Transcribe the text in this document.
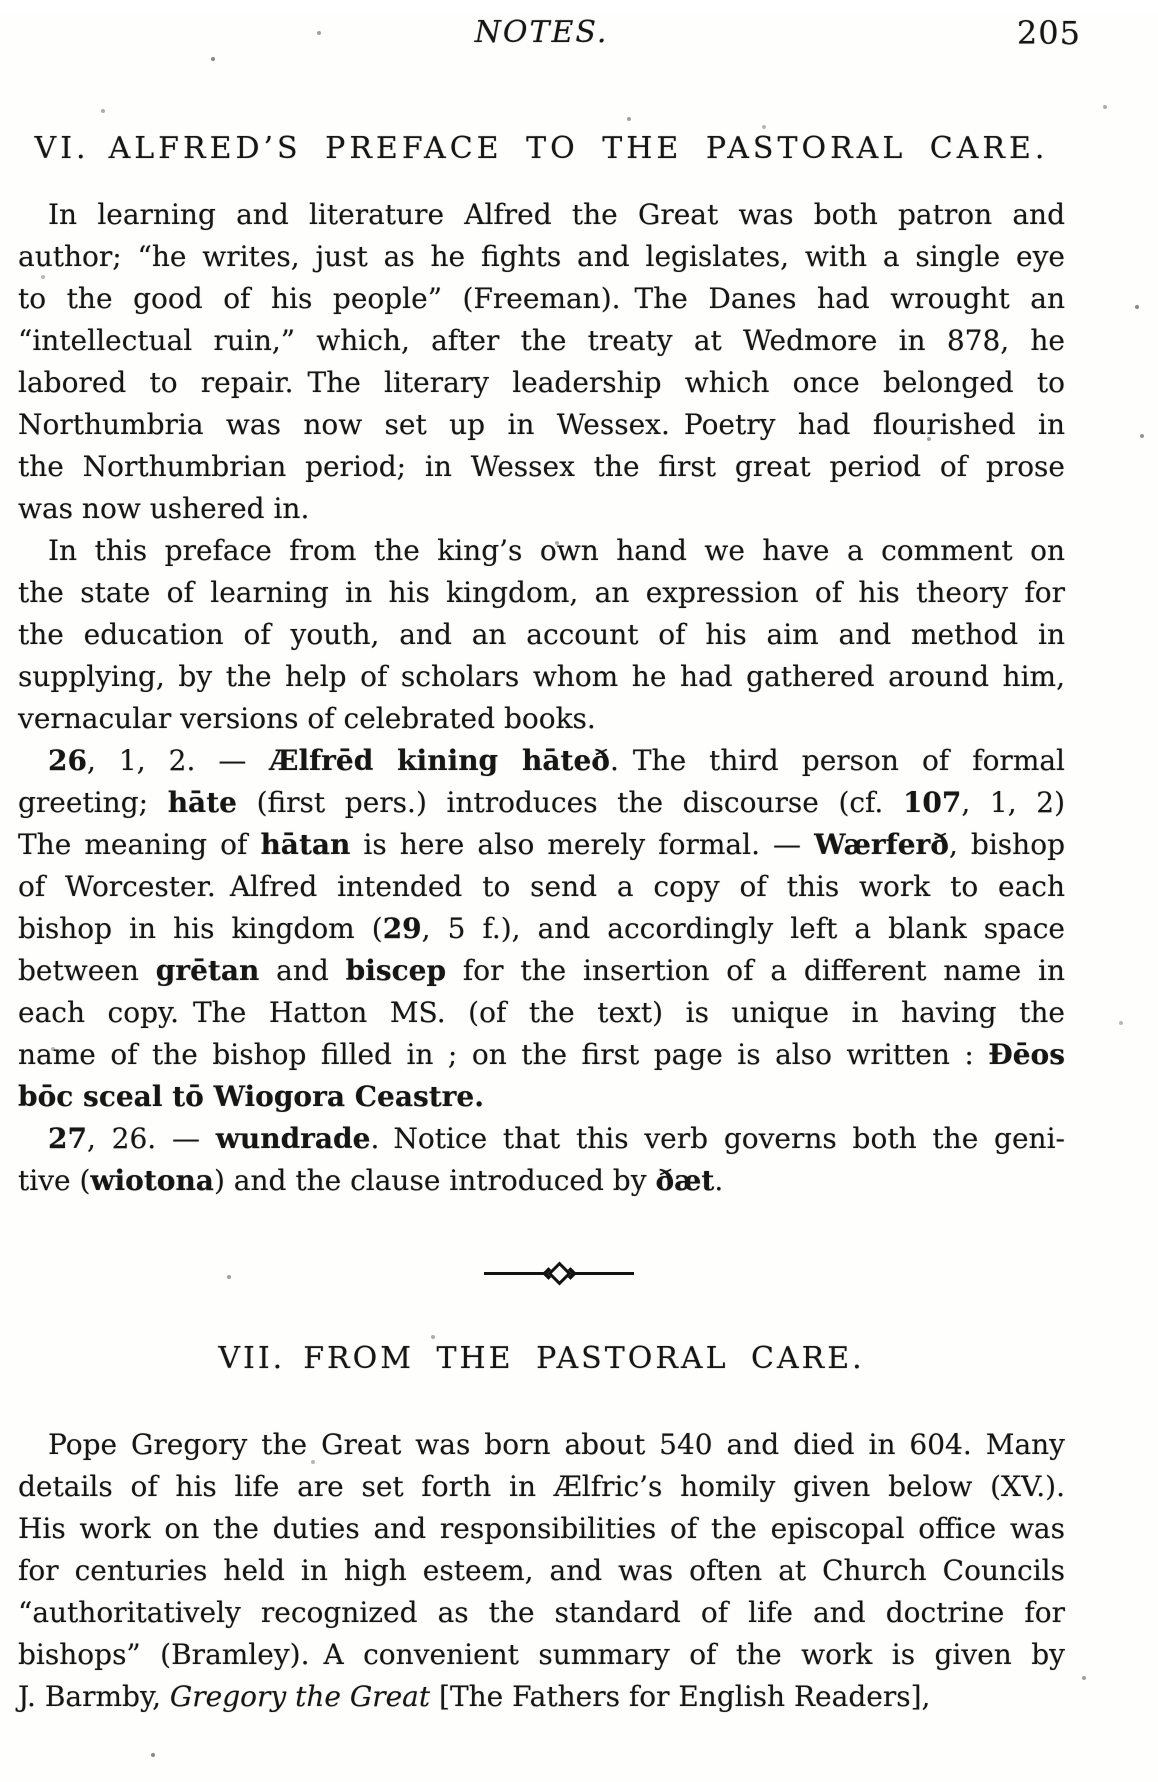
NOTES.	205
VI. ALFRED’S PREFACE TO THE PASTORAL CARE.
In learning and literature Alfred the Great was both patron and
author; “he writes, just as he fights and legislates, with a single eye
to the good of his people” (Freeman). The Danes had wrought an
“intellectual ruin,” which, after the treaty at Wedmore in 878, he
labored to repair. The literary leadership which once belonged to
Northumbria was now set up in Wessex. Poetry had flourished in
the Northumbrian period; in Wessex the first great period of prose
was now ushered in.
In this preface from the king’s own hand we have a comment on
the state of learning in his kingdom, an expression of his theory for
the education of youth, and an account of his aim and method in
supplying, by the help of scholars whom he had gathered around him,
vernacular versions of celebrated books.
26, 1, 2. — Ælfrēd kining hāteð. The third person of formal
greeting; hāte (first pers.) introduces the discourse (cf. 107, 1, 2)
The meaning of hātan is here also merely formal. — Wærferð, bishop
of Worcester. Alfred intended to send a copy of this work to each
bishop in his kingdom (29, 5 f.), and accordingly left a blank space
between grētan and biscep for the insertion of a different name in
each copy. The Hatton MS. (of the text) is unique in having the
name of the bishop filled in ; on the first page is also written : Ðēos
bōc sceal tō Wiogora Ceastre.
27, 26. — wundrade. Notice that this verb governs both the geni-
tive (wiotona) and the clause introduced by ðæt.
VII. FROM THE PASTORAL CARE.
Pope Gregory the Great was born about 540 and died in 604. Many
details of his life are set forth in Ælfric’s homily given below (XV.).
His work on the duties and responsibilities of the episcopal office was
for centuries held in high esteem, and was often at Church Councils
“authoritatively recognized as the standard of life and doctrine for
bishops” (Bramley). A convenient summary of the work is given by
J. Barmby, Gregory the Great [The Fathers for English Readers],
